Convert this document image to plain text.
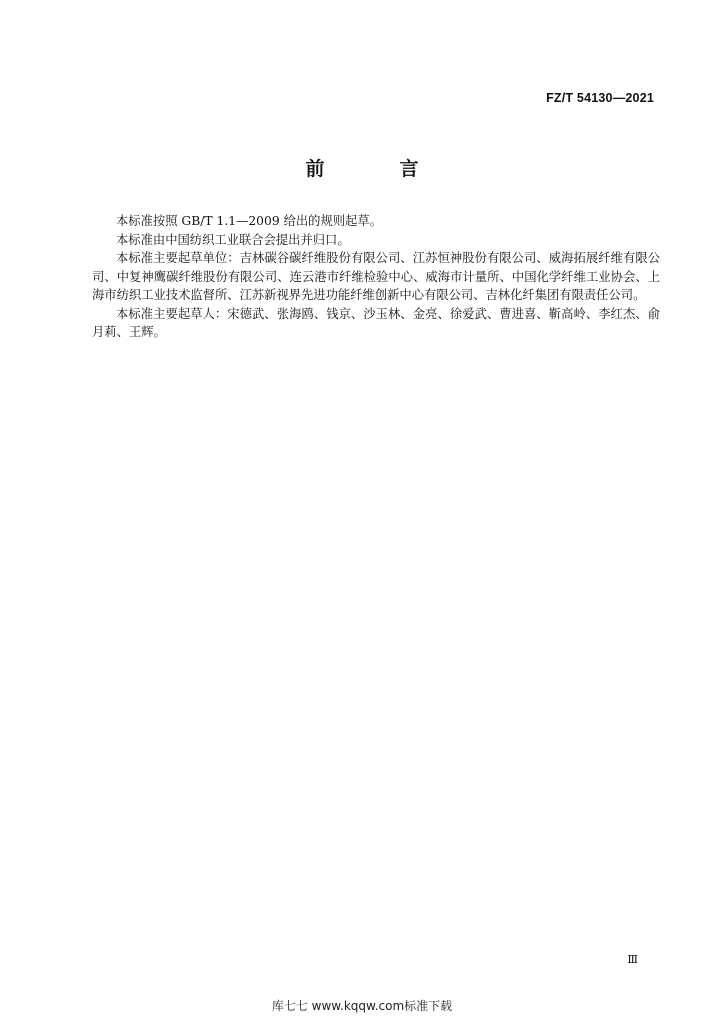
FZ/T 54130—2021
前　言

本标准按照 GB/T 1.1—2009 给出的规则起草。

本标准由中国纺织工业联合会提出并归口。

本标准主要起草单位：吉林碳谷碳纤维股份有限公司、江苏恒神股份有限公司、威海拓展纤维有限公司、中复神鹰碳纤维股份有限公司、连云港市纤维检验中心、威海市计量所、中国化学纤维工业协会、上海市纺织工业技术监督所、江苏新视界先进功能纤维创新中心有限公司、吉林化纤集团有限责任公司。

本标准主要起草人：宋德武、张海鸥、钱京、沙玉林、金亮、徐爱武、曹进喜、靳高岭、李红杰、俞月莉、王辉。

Ⅲ
库七七 www.kqqw.com标准下载
